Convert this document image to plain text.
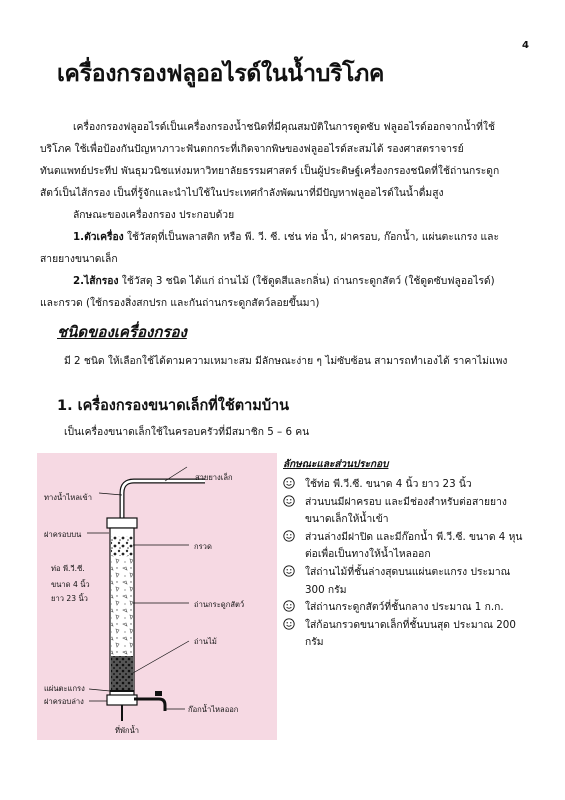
4
เครื่องกรองฟลูออไรด์ในน้ำบริโภค

เครื่องกรองฟลูออไรด์เป็นเครื่องกรองน้ำชนิดที่มีคุณสมบัติในการดูดซับ ฟลูออไรด์ออกจากน้ำที่ใช้บริโภค ใช้เพื่อป้องกันปัญหาภาวะฟันตกกระที่เกิดจากพิษของฟลูออไรด์สะสมได้ รองศาสตราจารย์ ทันตแพทย์ประทีป พันธุมวนิชแห่งมหาวิทยาลัยธรรมศาสตร์ เป็นผู้ประดิษฐ์เครื่องกรองชนิดที่ใช้ถ่านกระดูกสัตว์เป็นไส้กรอง เป็นที่รู้จักและนำไปใช้ในประเทศกำลังพัฒนาที่มีปัญหาฟลูออไรด์ในน้ำดื่มสูง

ลักษณะของเครื่องกรอง ประกอบด้วย

1.ตัวเครื่อง ใช้วัสดุที่เป็นพลาสติก หรือ พี. วี. ซี. เช่น ท่อ น้ำ, ฝาครอบ, ก๊อกน้ำ, แผ่นตะแกรง และสายยางขนาดเล็ก

2.ไส้กรอง ใช้วัสดุ 3 ชนิด ได้แก่ ถ่านไม้ (ใช้ดูดสีและกลิ่น) ถ่านกระดูกสัตว์ (ใช้ดูดซับฟลูออไรด์) และกรวด (ใช้กรองสิ่งสกปรก และกันถ่านกระดูกสัตว์ลอยขึ้นมา)

ชนิดของเครื่องกรอง
มี 2 ชนิด ให้เลือกใช้ได้ตามความเหมาะสม มีลักษณะง่าย ๆ ไม่ซับซ้อน สามารถทำเองได้ ราคาไม่แพง
1. เครื่องกรองขนาดเล็กที่ใช้ตามบ้าน
เป็นเครื่องขนาดเล็กใช้ในครอบครัวที่มีสมาชิก 5 – 6 คน
สายยางเล็ก
ทางน้ำไหลเข้า
ฝาครอบบน
กรวด
ท่อ พี.วี.ซี.
ขนาด 4 นิ้ว
ยาว 23 นิ้ว
ถ่านกระดูกสัตว์
ถ่านไม้
แผ่นตะแกรง
ฝาครอบล่าง
ก๊อกน้ำไหลออก
ที่พักน้ำ
ลักษณะและส่วนประกอบ
ใช้ท่อ พี.วี.ซี. ขนาด 4 นิ้ว ยาว 23 นิ้ว
ส่วนบนมีฝาครอบ และมีช่องสำหรับต่อสายยางขนาดเล็กให้น้ำเข้า
ส่วนล่างมีฝาปิด และมีก๊อกน้ำ พี.วี.ซี. ขนาด 4 หุน ต่อเพื่อเป็นทางให้น้ำไหลออก
ใส่ถ่านไม้ที่ชั้นล่างสุดบนแผ่นตะแกรง ประมาณ 300 กรัม
ใส่ถ่านกระดูกสัตว์ที่ชั้นกลาง ประมาณ 1 ก.ก.
ใส่ก้อนกรวดขนาดเล็กที่ชั้นบนสุด ประมาณ 200 กรัม
